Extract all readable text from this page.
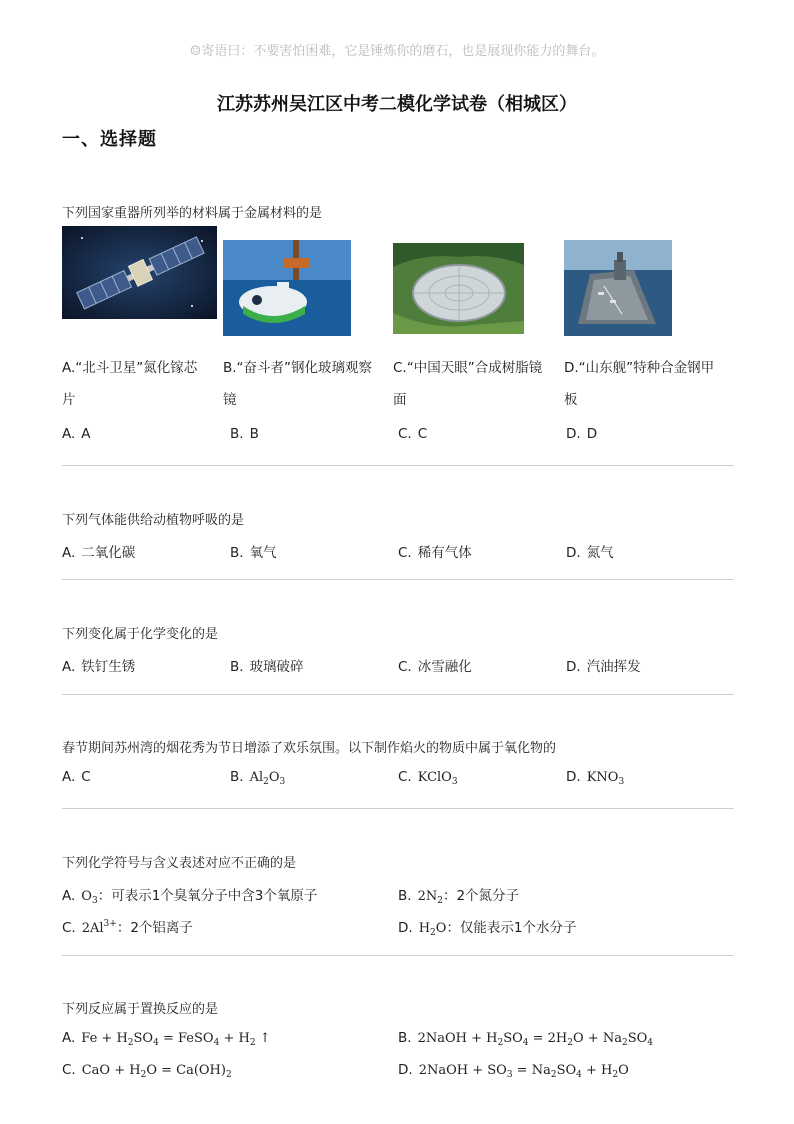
☺寄语曰：不要害怕困难，它是锤炼你的磨石，也是展现你能力的舞台。
江苏苏州吴江区中考二模化学试卷（相城区）
一、选择题
下列国家重器所列举的材料属于金属材料的是
A.“北斗卫星”氮化镓芯
片
B.“奋斗者”钢化玻璃观察
镜
C.“中国天眼”合成树脂镜
面
D.“山东舰”特种合金钢甲
板
A. A	B. B	C. C	D. D
下列气体能供给动植物呼吸的是
A. 二氧化碳	B. 氧气	C. 稀有气体	D. 氮气
下列变化属于化学变化的是
A. 铁钉生锈	B. 玻璃破碎	C. 冰雪融化	D. 汽油挥发
春节期间苏州湾的烟花秀为节日增添了欢乐氛围。以下制作焰火的物质中属于氧化物的
A. C	B. $Al_2O_3$	C. KClO$_3$	D. $KNO_3$
下列化学符号与含义表述对应不正确的是
A. $O_3$：可表示1个臭氧分子中含3个氧原子	B. $2N_2$：2个氮分子
C. $2Al^{3+}$：2个铝离子	D. $H_2O$：仅能表示1个水分子
下列反应属于置换反应的是
A. $Fe + H_2SO_4$ = FeSO$_4$ + $H_2$ ↑	B. 2NaOH + $H_2SO_4 = 2H_2O + Na_2SO_4$
C. CaO + $H_2O = Ca(OH)_2$	D. 2NaOH + $SO_3 = Na_2SO_4 + H_2O$
